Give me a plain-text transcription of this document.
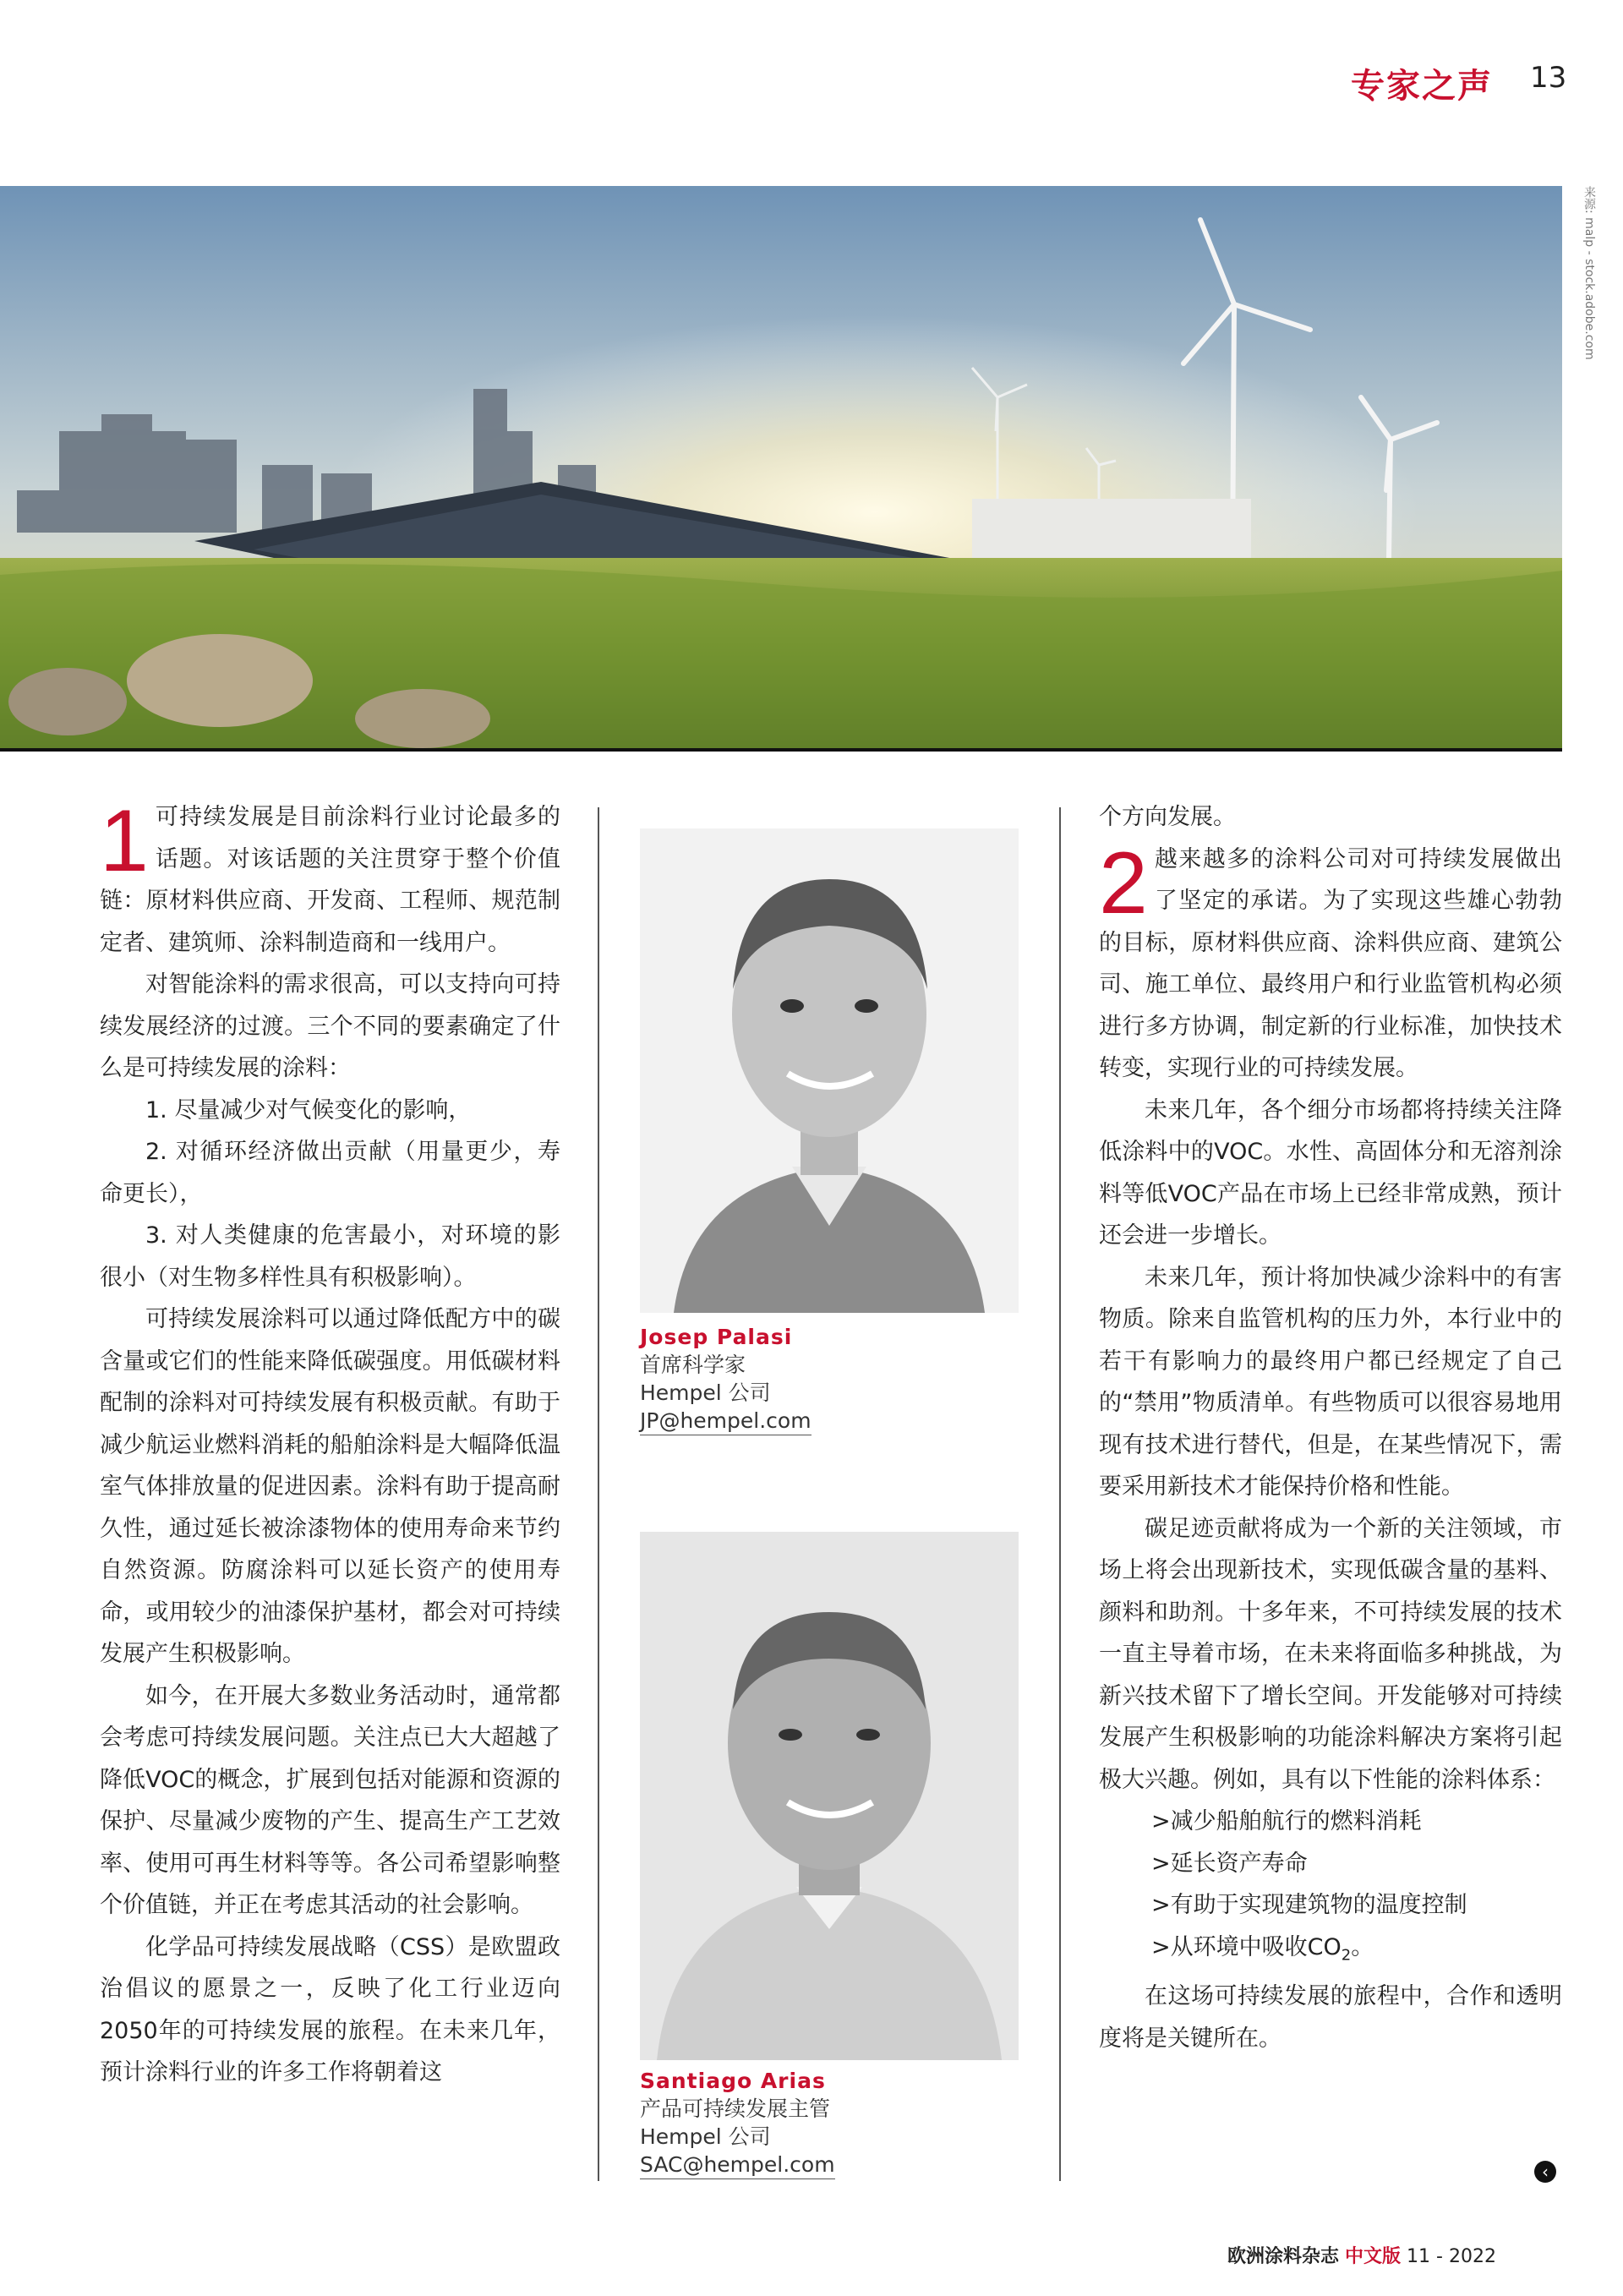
专家之声 13
来源: malp - stock.adobe.com

1 可持续发展是目前涂料行业讨论最多的话题。对该话题的关注贯穿于整个价值链：原材料供应商、开发商、工程师、规范制定者、建筑师、涂料制造商和一线用户。

对智能涂料的需求很高，可以支持向可持续发展经济的过渡。三个不同的要素确定了什么是可持续发展的涂料：

1. 尽量减少对气候变化的影响，

2. 对循环经济做出贡献（用量更少，寿命更长），

3. 对人类健康的危害最小，对环境的影很小（对生物多样性具有积极影响）。

可持续发展涂料可以通过降低配方中的碳含量或它们的性能来降低碳强度。用低碳材料配制的涂料对可持续发展有积极贡献。有助于减少航运业燃料消耗的船舶涂料是大幅降低温室气体排放量的促进因素。涂料有助于提高耐久性，通过延长被涂漆物体的使用寿命来节约自然资源。防腐涂料可以延长资产的使用寿命，或用较少的油漆保护基材，都会对可持续发展产生积极影响。

如今，在开展大多数业务活动时，通常都会考虑可持续发展问题。关注点已大大超越了降低VOC的概念，扩展到包括对能源和资源的保护、尽量减少废物的产生、提高生产工艺效率、使用可再生材料等等。各公司希望影响整个价值链，并正在考虑其活动的社会影响。

化学品可持续发展战略（CSS）是欧盟政治倡议的愿景之一，反映了化工行业迈向2050年的可持续发展的旅程。在未来几年，预计涂料行业的许多工作将朝着这

Josep Palasi
首席科学家
Hempel 公司
JP@hempel.com
Santiago Arias
产品可持续发展主管
Hempel 公司
SAC@hempel.com

个方向发展。

2 越来越多的涂料公司对可持续发展做出了坚定的承诺。为了实现这些雄心勃勃的目标，原材料供应商、涂料供应商、建筑公司、施工单位、最终用户和行业监管机构必须进行多方协调，制定新的行业标准，加快技术转变，实现行业的可持续发展。

未来几年，各个细分市场都将持续关注降低涂料中的VOC。水性、高固体分和无溶剂涂料等低VOC产品在市场上已经非常成熟，预计还会进一步增长。

未来几年，预计将加快减少涂料中的有害物质。除来自监管机构的压力外，本行业中的若干有影响力的最终用户都已经规定了自己的“禁用”物质清单。有些物质可以很容易地用现有技术进行替代，但是，在某些情况下，需要采用新技术才能保持价格和性能。

碳足迹贡献将成为一个新的关注领域，市场上将会出现新技术，实现低碳含量的基料、颜料和助剂。十多年来，不可持续发展的技术一直主导着市场，在未来将面临多种挑战，为新兴技术留下了增长空间。开发能够对可持续发展产生积极影响的功能涂料解决方案将引起极大兴趣。例如，具有以下性能的涂料体系：

>减少船舶航行的燃料消耗

>延长资产寿命

>有助于实现建筑物的温度控制

>从环境中吸收$CO_2$。

在这场可持续发展的旅程中，合作和透明度将是关键所在。

‹
欧洲涂料杂志 中文版 11 - 2022
